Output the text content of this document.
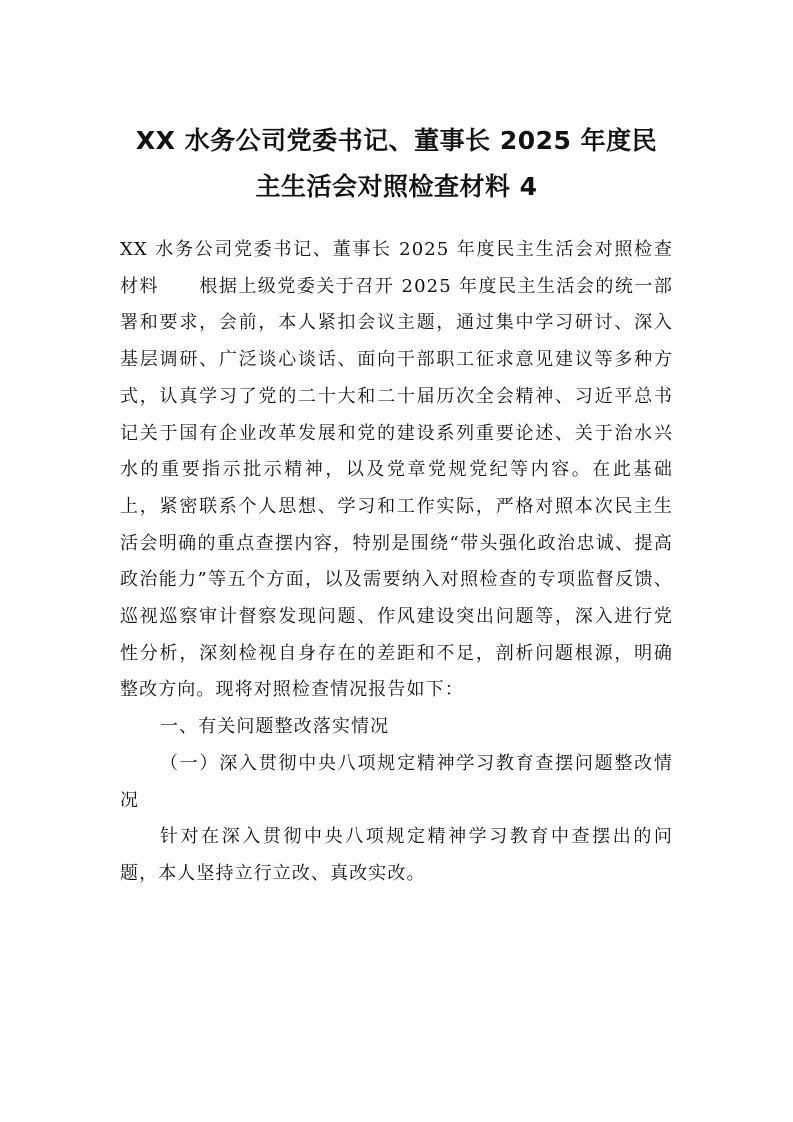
XX 水务公司党委书记、董事长 2025 年度民
主生活会对照检查材料 4

XX 水务公司党委书记、董事长 2025 年度民主生活会对照检查材料 根据上级党委关于召开 2025 年度民主生活会的统一部署和要求，会前，本人紧扣会议主题，通过集中学习研讨、深入基层调研、广泛谈心谈话、面向干部职工征求意见建议等多种方式，认真学习了党的二十大和二十届历次全会精神、习近平总书记关于国有企业改革发展和党的建设系列重要论述、关于治水兴水的重要指示批示精神，以及党章党规党纪等内容。在此基础上，紧密联系个人思想、学习和工作实际，严格对照本次民主生活会明确的重点查摆内容，特别是围绕“带头强化政治忠诚、提高政治能力”等五个方面，以及需要纳入对照检查的专项监督反馈、巡视巡察审计督察发现问题、作风建设突出问题等，深入进行党性分析，深刻检视自身存在的差距和不足，剖析问题根源，明确整改方向。现将对照检查情况报告如下：

一、有关问题整改落实情况

（一）深入贯彻中央八项规定精神学习教育查摆问题整改情况

针对在深入贯彻中央八项规定精神学习教育中查摆出的问题，本人坚持立行立改、真改实改。
